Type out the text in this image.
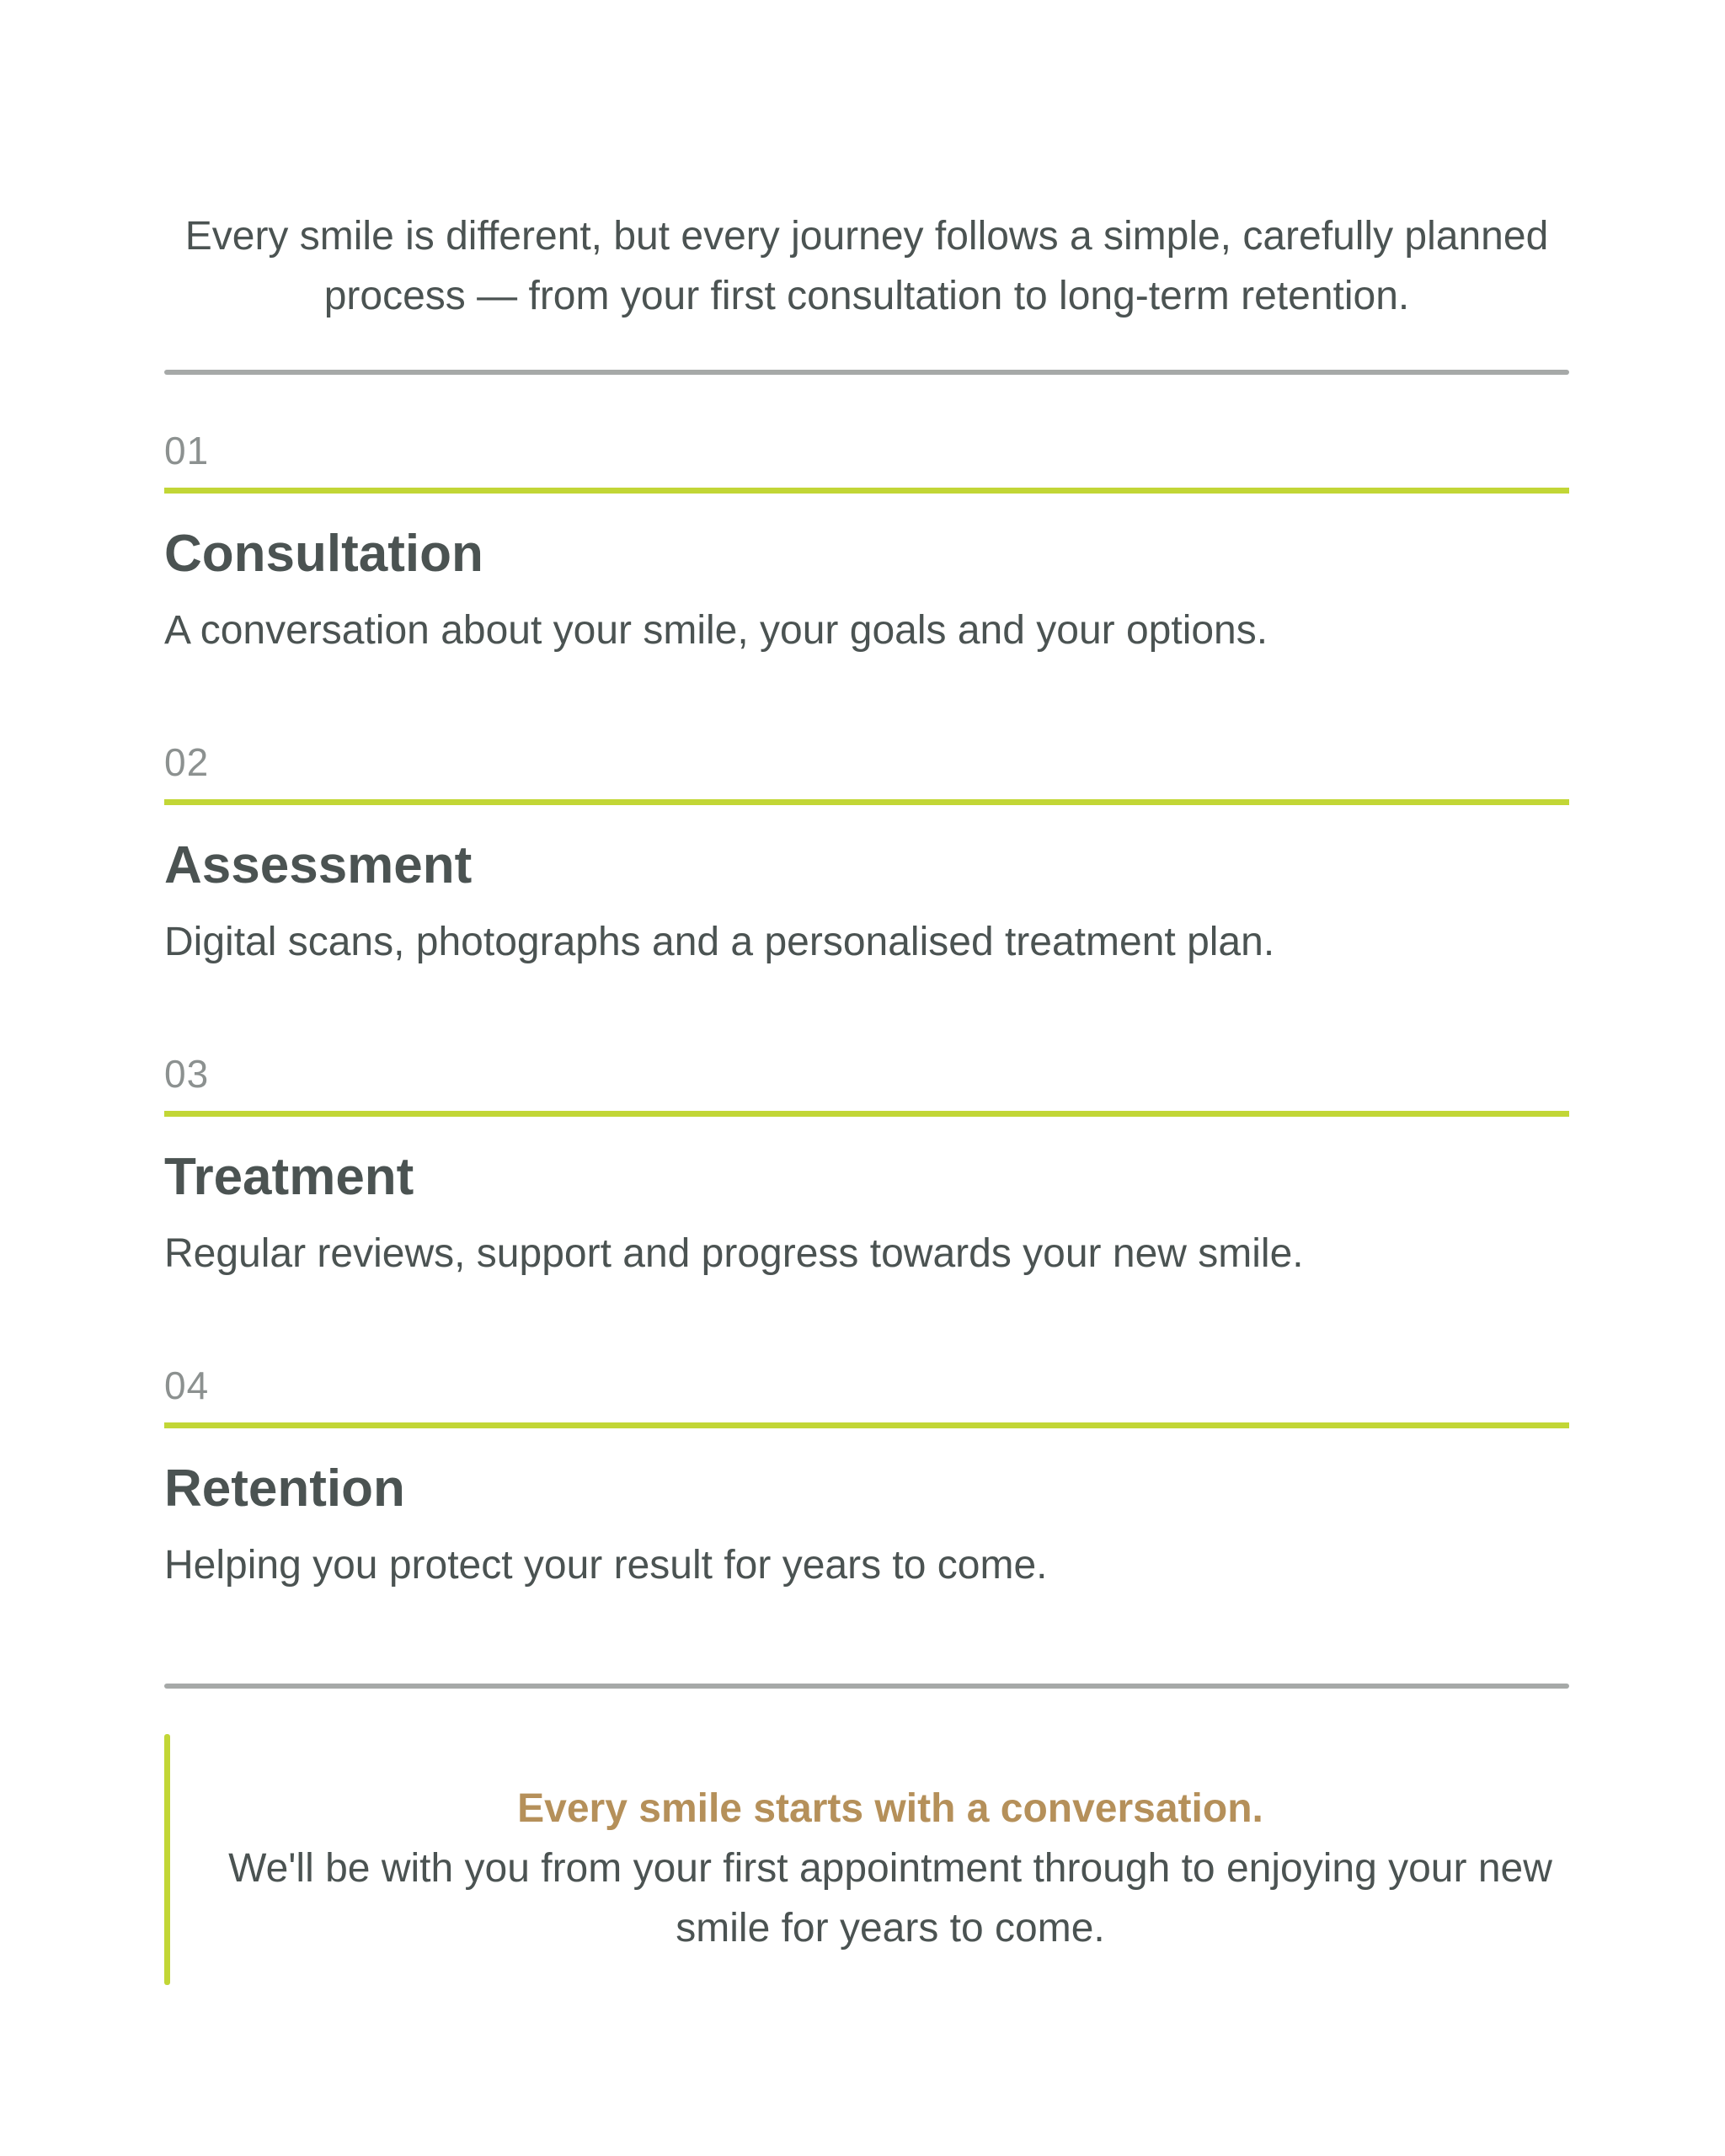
Every smile is different, but every journey follows a simple, carefully planned process — from your first consultation to long-term retention.

01
Consultation

A conversation about your smile, your goals and your options.

02
Assessment

Digital scans, photographs and a personalised treatment plan.

03
Treatment

Regular reviews, support and progress towards your new smile.

04
Retention

Helping you protect your result for years to come.

Every smile starts with a conversation.
We'll be with you from your first appointment through to enjoying your new smile for years to come.
